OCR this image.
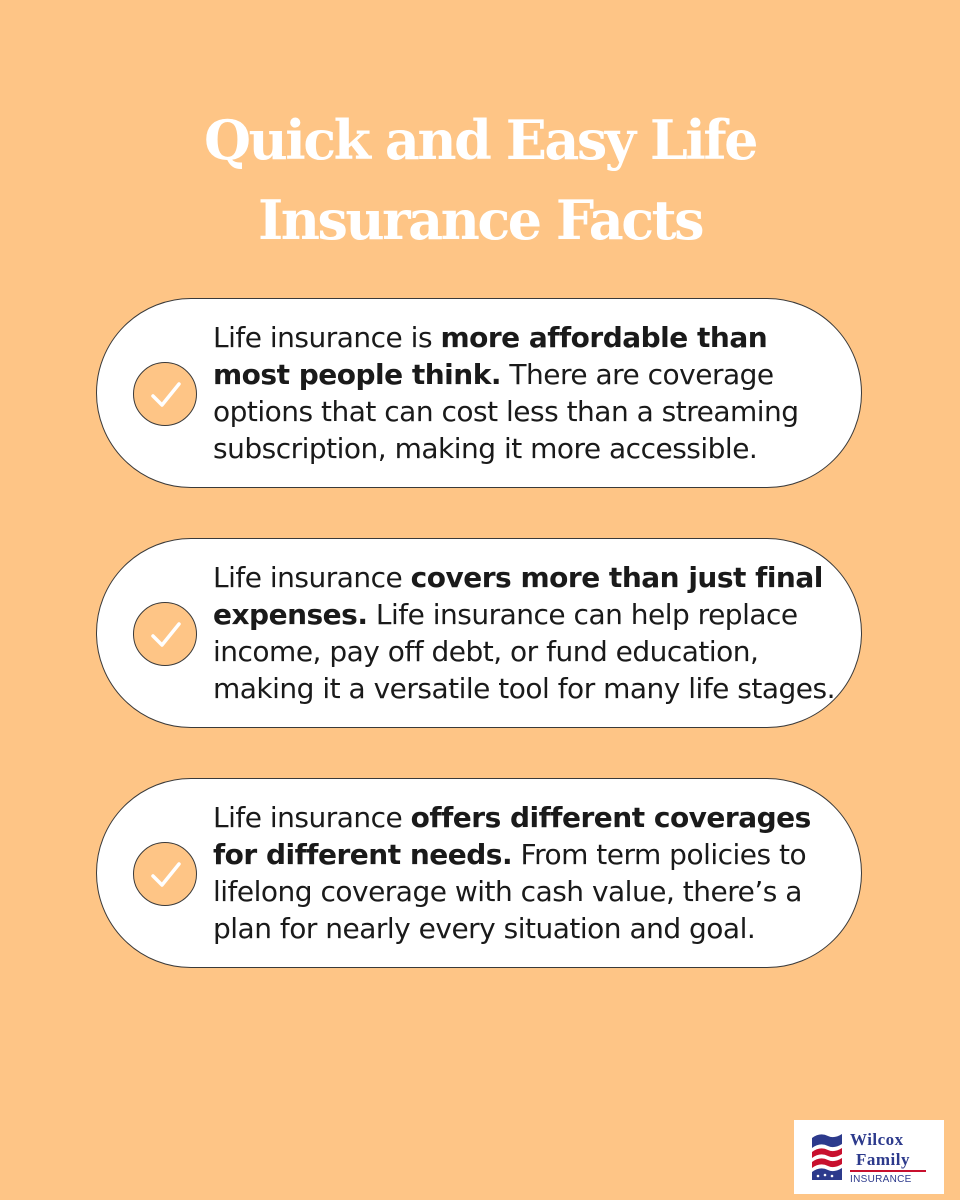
Quick and Easy Life
Insurance Facts
Life insurance is more affordable than most people think. There are coverage options that can cost less than a streaming subscription, making it more accessible.
Life insurance covers more than just final expenses. Life insurance can help replace income, pay off debt, or fund education, making it a versatile tool for many life stages.
Life insurance offers different coverages for different needs. From term policies to lifelong coverage with cash value, there’s a plan for nearly every situation and goal.
Wilcox
Family
INSURANCE
